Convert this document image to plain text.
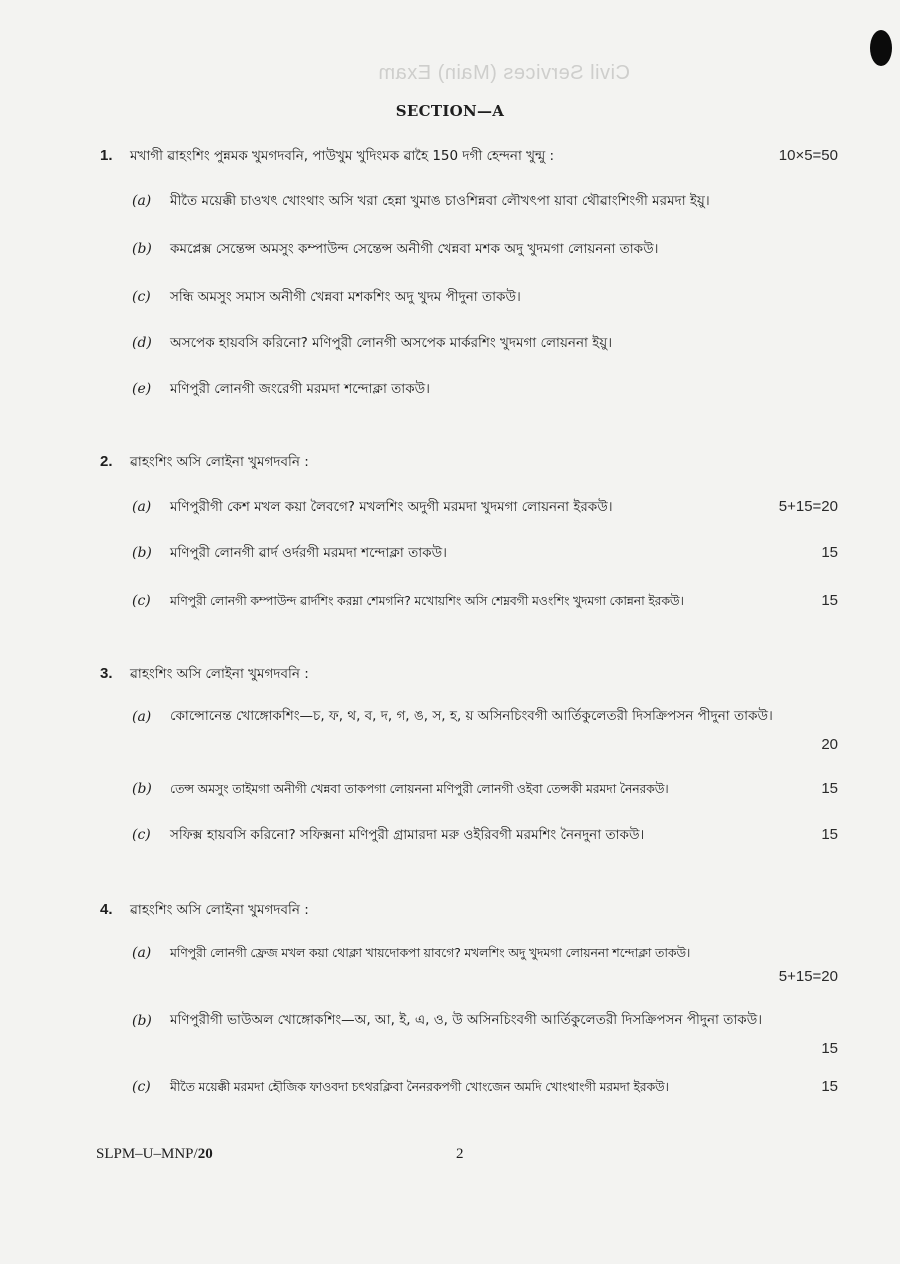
Civil Services (Main) Exam
SECTION—A
1. মখাগী ৱাহংশিং পুন্নমক খুমগদবনি, পাউখুম খুদিংমক ৱাহৈ 150 দগী হেন্দনা খুন্মু :	10×5=50
(a) মীতৈ ময়েক্কী চাওখৎ খোংথাং অসি খরা হেন্না খুমাঙ চাওশিন্নবা লৌখৎপা য়াবা থৌৱাংশিংগী মরমদা ইয়ু।
(b) কমপ্লেক্স সেন্তেন্স অমসুং কম্পাউন্দ সেন্তেন্স অনীগী খেন্নবা মশক অদু খুদমগা লোয়ননা তাকউ।
(c) সন্ধি অমসুং সমাস অনীগী খেন্নবা মশকশিং অদু খুদম পীদুনা তাকউ।
(d) অসপেক হায়বসি করিনো? মণিপুরী লোনগী অসপেক মার্করশিং খুদমগা লোয়ননা ইয়ু।
(e) মণিপুরী লোনগী জংরেগী মরমদা শন্দোক্লা তাকউ।
2. ৱাহংশিং অসি লোইনা খুমগদবনি :
(a) মণিপুরীগী কেশ মখল কয়া লৈবগে? মখলশিং অদুগী মরমদা খুদমগা লোয়ননা ইরকউ।	5+15=20
(b) মণিপুরী লোনগী ৱার্দ ওর্দরগী মরমদা শন্দোক্লা তাকউ।	15
(c) মণিপুরী লোনগী কম্পাউন্দ ৱার্দশিং করম্না শেমগনি? মখোয়শিং অসি শেম্নবগী মওংশিং খুদমগা কোন্ননা ইরকউ।	15
3. ৱাহংশিং অসি লোইনা খুমগদবনি :
(a) কোন্সোনেন্ত খোঙ্গোকশিং—চ, ফ, থ, ব, দ, গ, ঙ, স, হ, য় অসিনচিংবগী আর্তিকুলেতরী দিসক্রিপসন পীদুনা তাকউ।
20
(b) তেন্স অমসুং তাইমগা অনীগী খেন্নবা তাকপগা লোয়ননা মণিপুরী লোনগী ওইবা তেন্সকী মরমদা নৈনরকউ।	15
(c) সফিক্স হায়বসি করিনো? সফিক্সনা মণিপুরী গ্রামারদা মরু ওইরিবগী মরমশিং নৈনদুনা তাকউ।	15
4. ৱাহংশিং অসি লোইনা খুমগদবনি :
(a) মণিপুরী লোনগী ফ্রেজ মখল কয়া থোক্লা খায়দোকপা য়াবগে? মখলশিং অদু খুদমগা লোয়ননা শন্দোক্লা তাকউ।
5+15=20
(b) মণিপুরীগী ভাউঅল খোঙ্গোকশিং—অ, আ, ই, এ, ও, উ অসিনচিংবগী আর্তিকুলেতরী দিসক্রিপসন পীদুনা তাকউ।
15
(c) মীতৈ ময়েক্কী মরমদা হৌজিক ফাওবদা চৎথরক্লিবা নৈনরকপগী খোংজেন অমদি খোংথাংগী মরমদা ইরকউ।	15
SLPM–U–MNP/20	2
